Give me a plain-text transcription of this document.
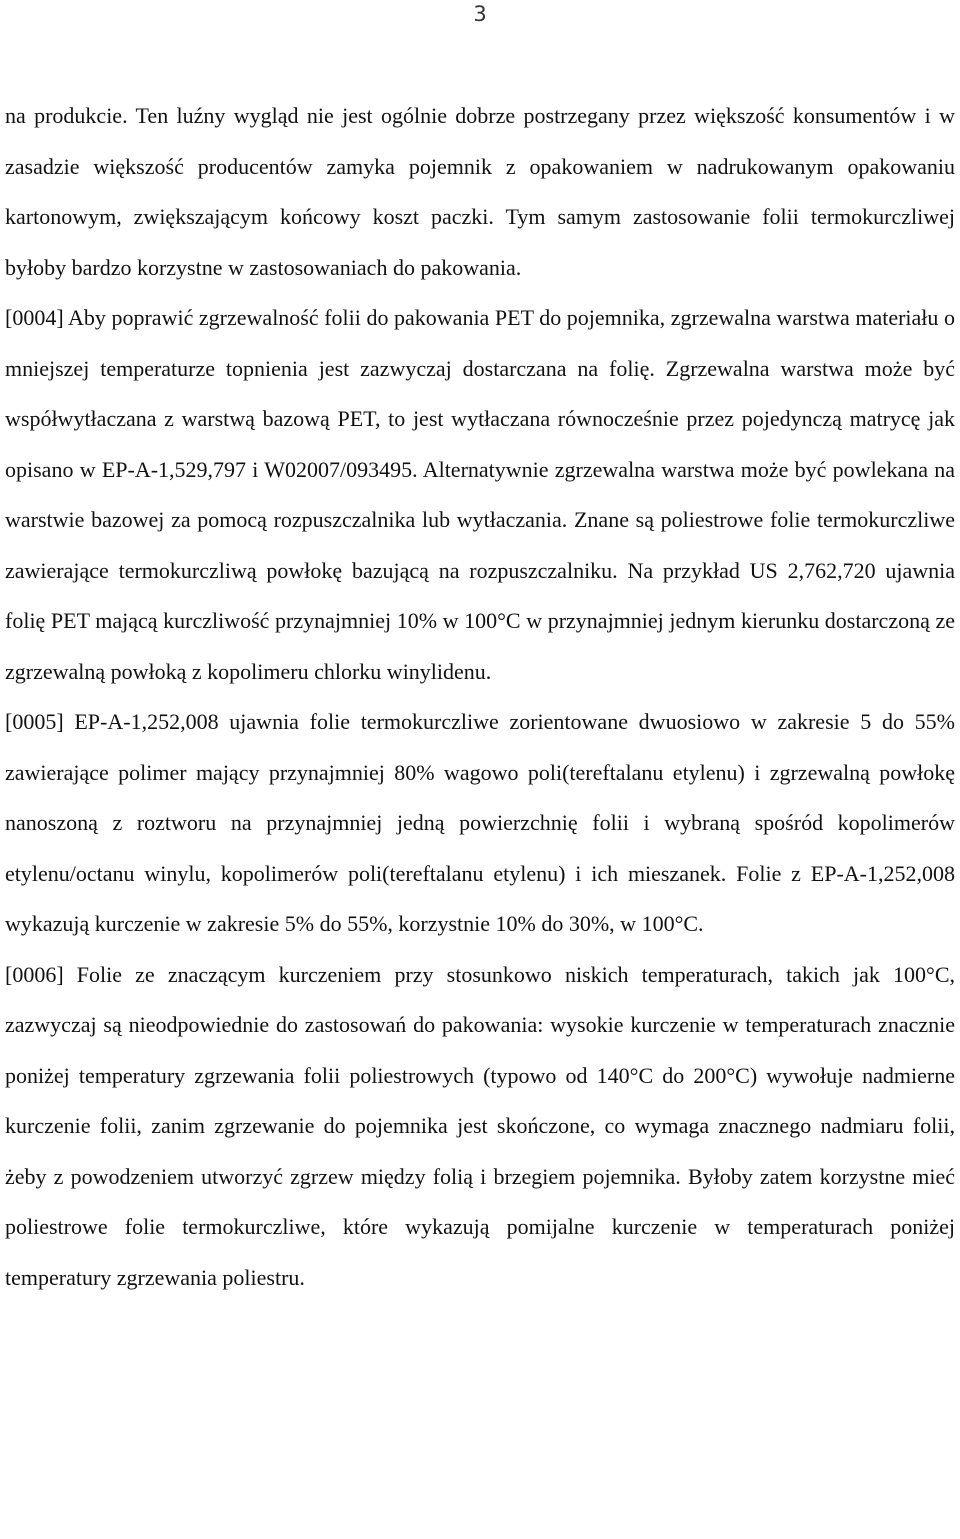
3

na produkcie. Ten luźny wygląd nie jest ogólnie dobrze postrzegany przez większość konsumentów i w zasadzie większość producentów zamyka pojemnik z opakowaniem w nadrukowanym opakowaniu kartonowym, zwiększającym końcowy koszt paczki. Tym samym zastosowanie folii termokurczliwej byłoby bardzo korzystne w zastosowaniach do pakowania.

[0004] Aby poprawić zgrzewalność folii do pakowania PET do pojemnika, zgrzewalna warstwa materiału o mniejszej temperaturze topnienia jest zazwyczaj dostarczana na folię. Zgrzewalna warstwa może być współwytłaczana z warstwą bazową PET, to jest wytłaczana równocześnie przez pojedynczą matrycę jak opisano w EP-A-1,529,797 i W02007/093495. Alternatywnie zgrzewalna warstwa może być powlekana na warstwie bazowej za pomocą rozpuszczalnika lub wytłaczania. Znane są poliestrowe folie termokurczliwe zawierające termokurczliwą powłokę bazującą na rozpuszczalniku. Na przykład US 2,762,720 ujawnia folię PET mającą kurczliwość przynajmniej 10% w 100°C w przynajmniej jednym kierunku dostarczoną ze zgrzewalną powłoką z kopolimeru chlorku winylidenu.

[0005] EP-A-1,252,008 ujawnia folie termokurczliwe zorientowane dwuosiowo w zakresie 5 do 55% zawierające polimer mający przynajmniej 80% wagowo poli(tereftalanu etylenu) i zgrzewalną powłokę nanoszoną z roztworu na przynajmniej jedną powierzchnię folii i wybraną spośród kopolimerów etylenu/octanu winylu, kopolimerów poli(tereftalanu etylenu) i ich mieszanek. Folie z EP-A-1,252,008 wykazują kurczenie w zakresie 5% do 55%, korzystnie 10% do 30%, w 100°C.

[0006] Folie ze znaczącym kurczeniem przy stosunkowo niskich temperaturach, takich jak 100°C, zazwyczaj są nieodpowiednie do zastosowań do pakowania: wysokie kurczenie w temperaturach znacznie poniżej temperatury zgrzewania folii poliestrowych (typowo od 140°C do 200°C) wywołuje nadmierne kurczenie folii, zanim zgrzewanie do pojemnika jest skończone, co wymaga znacznego nadmiaru folii, żeby z powodzeniem utworzyć zgrzew między folią i brzegiem pojemnika. Byłoby zatem korzystne mieć poliestrowe folie termokurczliwe, które wykazują pomijalne kurczenie w temperaturach poniżej temperatury zgrzewania poliestru.
